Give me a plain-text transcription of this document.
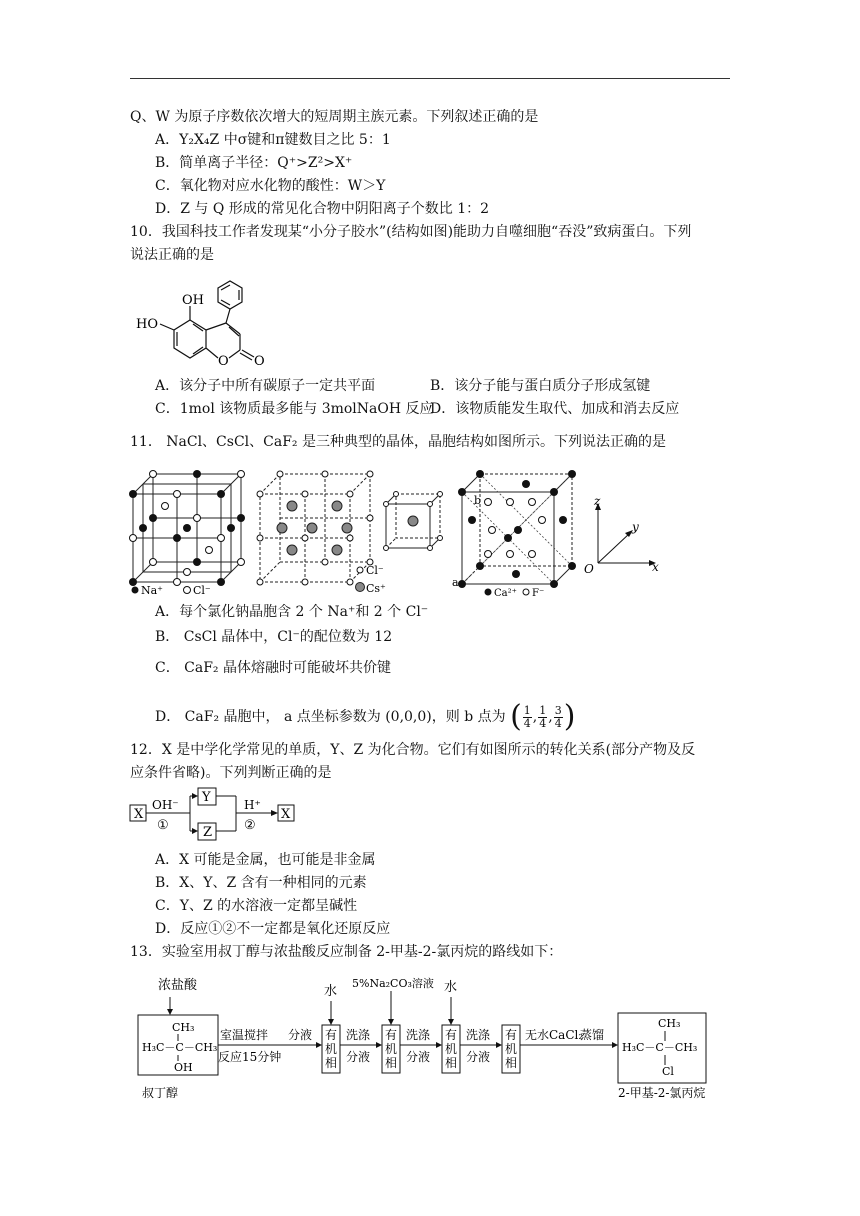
Q、W 为原子序数依次增大的短周期主族元素。下列叙述正确的是
A．Y₂X₄Z 中σ键和π键数目之比 5：1
B．简单离子半径：Q⁺>Z²>X⁺
C．氧化物对应水化物的酸性：W＞Y
D．Z 与 Q 形成的常见化合物中阴阳离子个数比 1：2
10．我国科技工作者发现某“小分子胶水”(结构如图)能助力自噬细胞“吞没”致病蛋白。下列
说法正确的是
OH
HO
O O
A．该分子中所有碳原子一定共平面	B．该分子能与蛋白质分子形成氢键
C．1mol 该物质最多能与 3molNaOH 反应
D．该物质能发生取代、加成和消去反应
11． NaCl、CsCl、CaF₂ 是三种典型的晶体，晶胞结构如图所示。下列说法正确的是
Na⁺	Cl⁻
Cl⁻
Cs⁺
b
a
Ca²⁺ F⁻
z
y
x
O
A．每个氯化钠晶胞含 2 个 Na⁺和 2 个 Cl⁻
B． CsCl 晶体中，Cl⁻的配位数为 12
C． CaF₂ 晶体熔融时可能破坏共价键
D． CaF₂ 晶胞中， a 点坐标参数为 (0,0,0)，则 b 点为 ( $\frac{1}{4}$ , $\frac{1}{4}$ , $\frac{3}{4}$ )
12．X 是中学化学常见的单质，Y、Z 为化合物。它们有如图所示的转化关系(部分产物及反
应条件省略)。下列判断正确的是
X
OH⁻
①
Y
Z
H⁺
②
X
A．X 可能是金属，也可能是非金属
B．X、Y、Z 含有一种相同的元素
C．Y、Z 的水溶液一定都呈碱性
D．反应①②不一定都是氧化还原反应
13．实验室用叔丁醇与浓盐酸反应制备 2-甲基-2-氯丙烷的路线如下：
浓盐酸	水
5%Na₂CO₃溶液 水
CH₃
H₃C－C－CH₃
OH
室温搅拌
反应15分钟
分液 有
机
相
有
机
相
有
机
相
有
机
相
洗涤
分液
洗涤
分液
洗涤
分液
无水CaCl₂
蒸馏
CH₃
H₃C－C－CH₃
Cl
叔丁醇	2-甲基-2-氯丙烷
